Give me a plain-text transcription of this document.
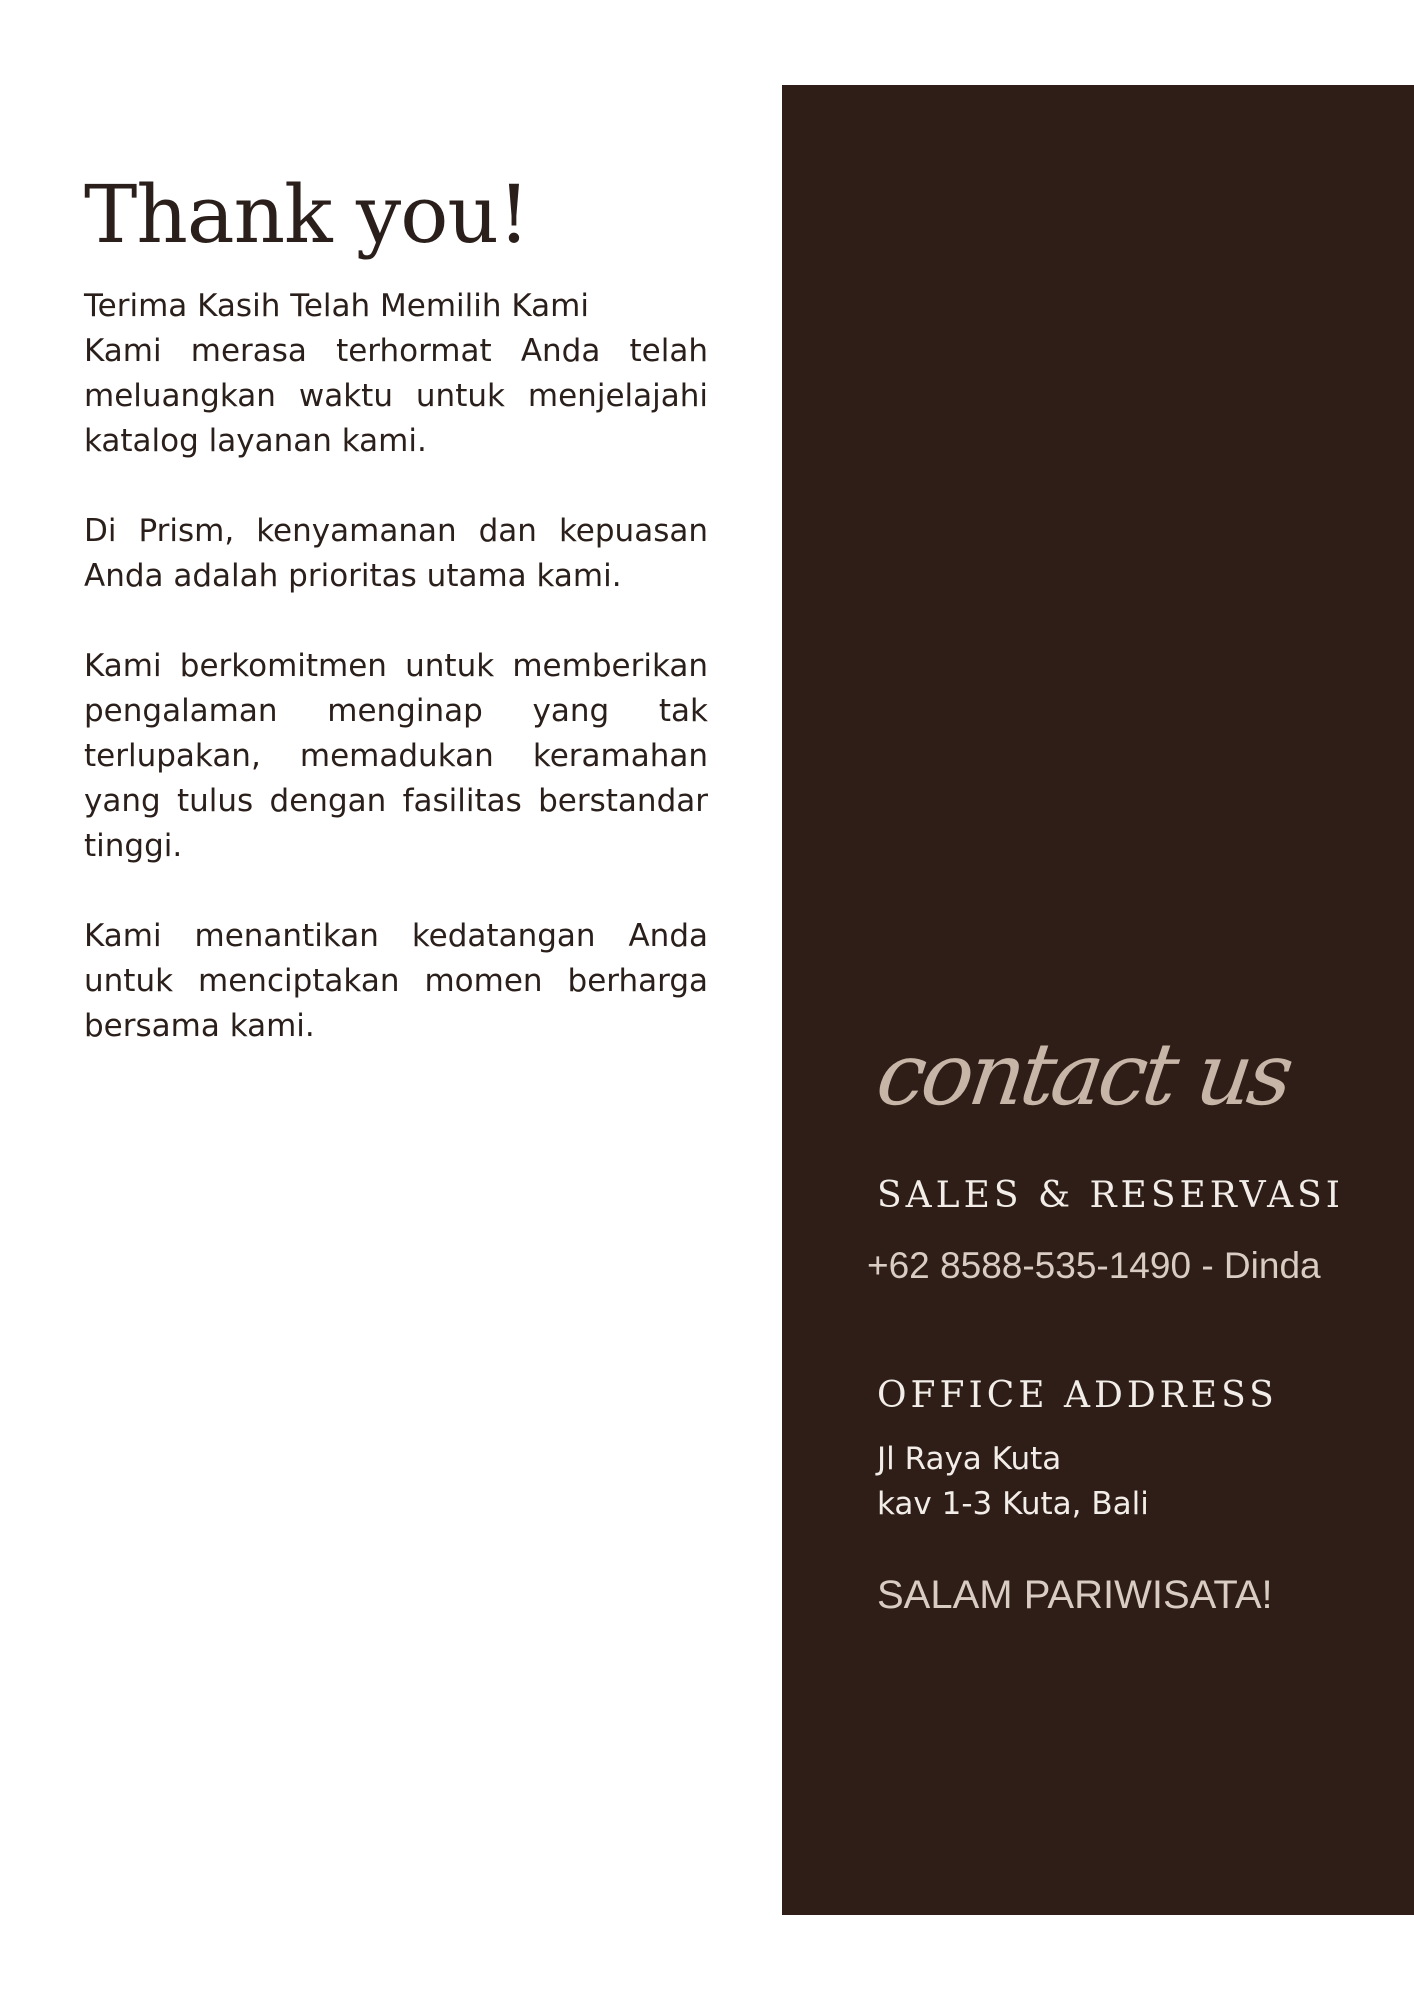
Thank you!

Terima Kasih Telah Memilih Kami

Kami merasa terhormat Anda telah meluangkan waktu untuk menjelajahi katalog layanan kami.

Di Prism, kenyamanan dan kepuasan Anda adalah prioritas utama kami.

Kami berkomitmen untuk memberikan pengalaman menginap yang tak terlupakan, memadukan keramahan yang tulus dengan fasilitas berstandar tinggi.

Kami menantikan kedatangan Anda untuk menciptakan momen berharga bersama kami.	contact us

SALES & RESERVASI

+62 8588-535-1490 - Dinda

OFFICE ADDRESS

Jl Raya Kuta

kav 1-3 Kuta, Bali

SALAM PARIWISATA!
